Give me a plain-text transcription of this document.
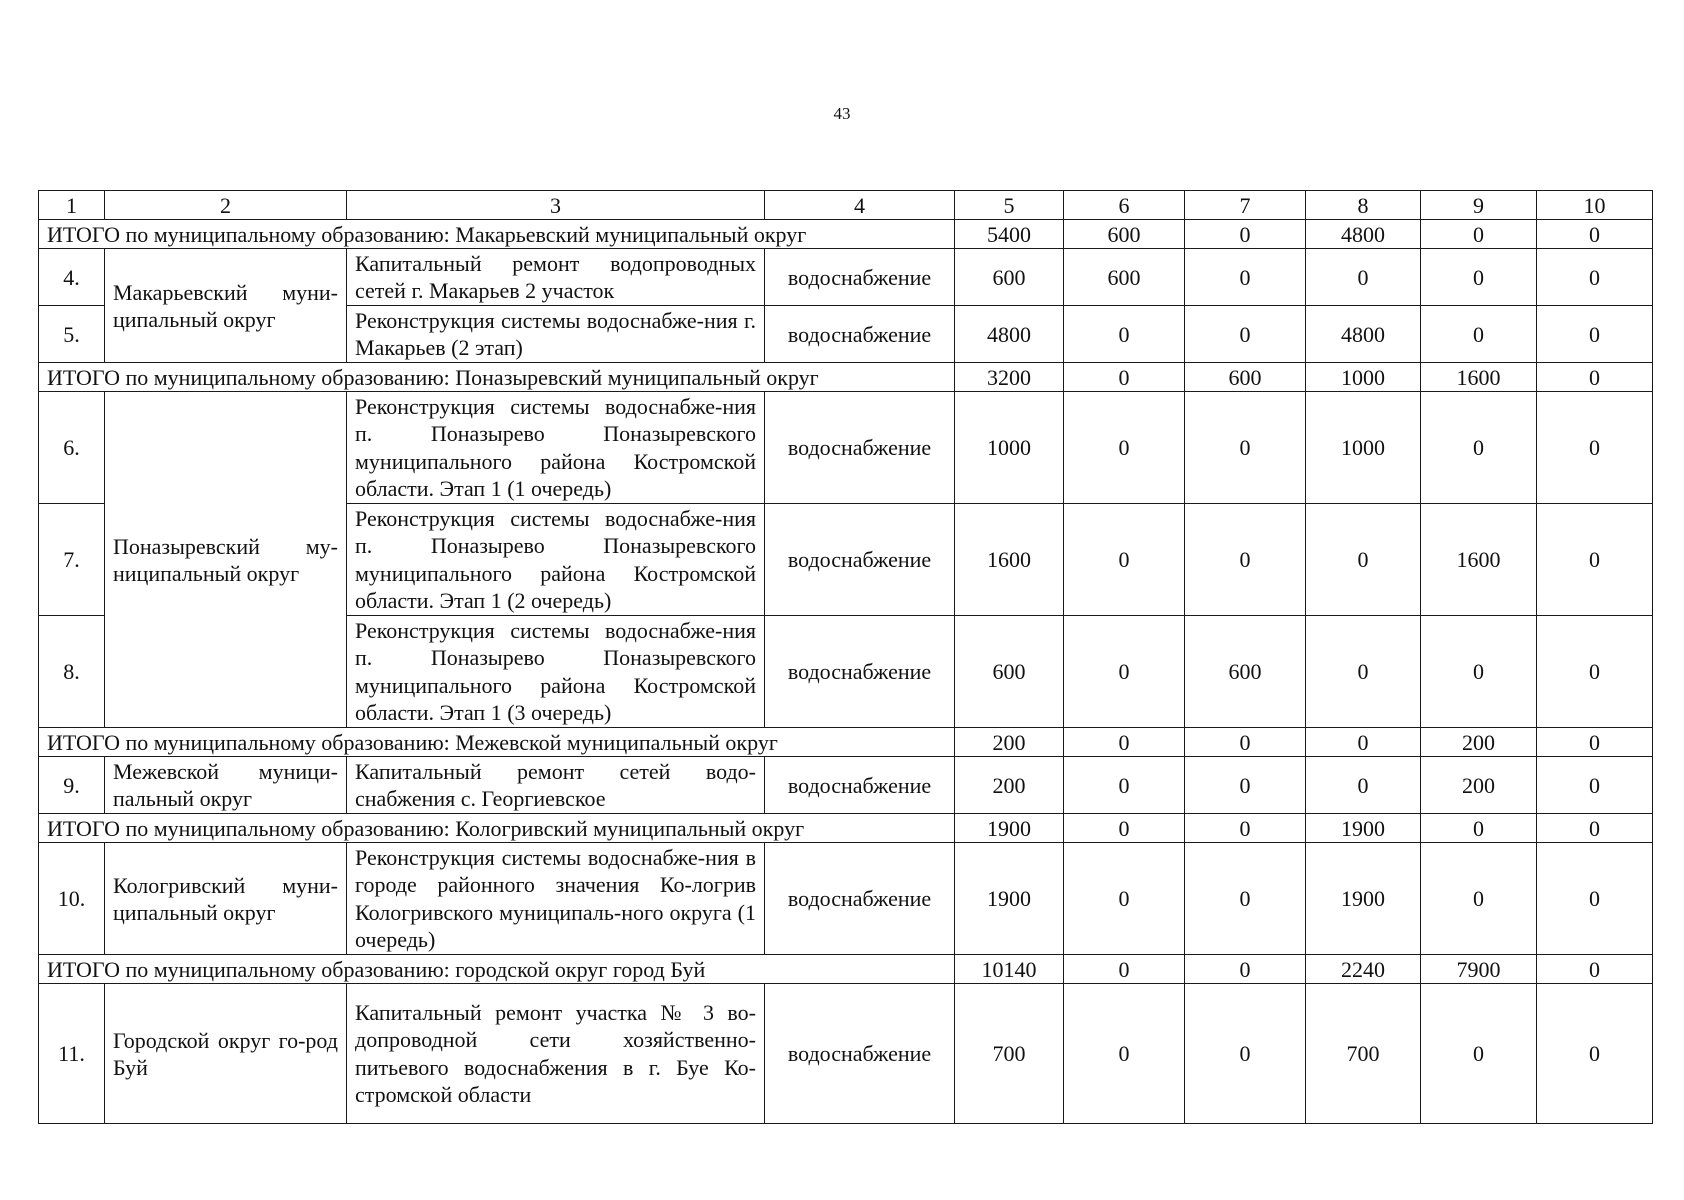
43
1	2	3	4	5	6	7	8	9	10
ИТОГО по муниципальному образованию: Макарьевский муниципальный округ				5400	600	0	4800	0	0
4.	Макарьевский муни-ципальный округ	Капитальный ремонт водопроводных сетей г. Макарьев 2 участок	водоснабжение	600	600	0	0	0	0
5.		Реконструкция системы водоснабже-ния г. Макарьев (2 этап)	водоснабжение	4800	0	0	4800	0	0
ИТОГО по муниципальному образованию: Поназыревский муниципальный округ				3200	0	600	1000	1600	0
6.	Поназыревский му-ниципальный округ	Реконструкция системы водоснабже-ния п. Поназырево Поназыревского муниципального района Костромской области. Этап 1 (1 очередь)	водоснабжение	1000	0	0	1000	0	0
7.		Реконструкция системы водоснабже-ния п. Поназырево Поназыревского муниципального района Костромской области. Этап 1 (2 очередь)	водоснабжение	1600	0	0	0	1600	0
8.		Реконструкция системы водоснабже-ния п. Поназырево Поназыревского муниципального района Костромской области. Этап 1 (3 очередь)	водоснабжение	600	0	600	0	0	0
ИТОГО по муниципальному образованию: Межевской муниципальный округ				200	0	0	0	200	0
9.	Межевской муници-пальный округ	Капитальный ремонт сетей водо-снабжения с. Георгиевское	водоснабжение	200	0	0	0	200	0
ИТОГО по муниципальному образованию: Кологривский муниципальный округ				1900	0	0	1900	0	0
10.	Кологривский муни-ципальный округ	Реконструкция системы водоснабже-ния в городе районного значения Ко-логрив Кологривского муниципаль-ного округа (1 очередь)	водоснабжение	1900	0	0	1900	0	0
ИТОГО по муниципальному образованию: городской округ город Буй				10140	0	0	2240	7900	0
11.	Городской округ го-род Буй	Капитальный ремонт участка № 3 во-допроводной сети хозяйственно-питьевого водоснабжения в г. Буе Ко-стромской области	водоснабжение	700	0	0	700	0	0
